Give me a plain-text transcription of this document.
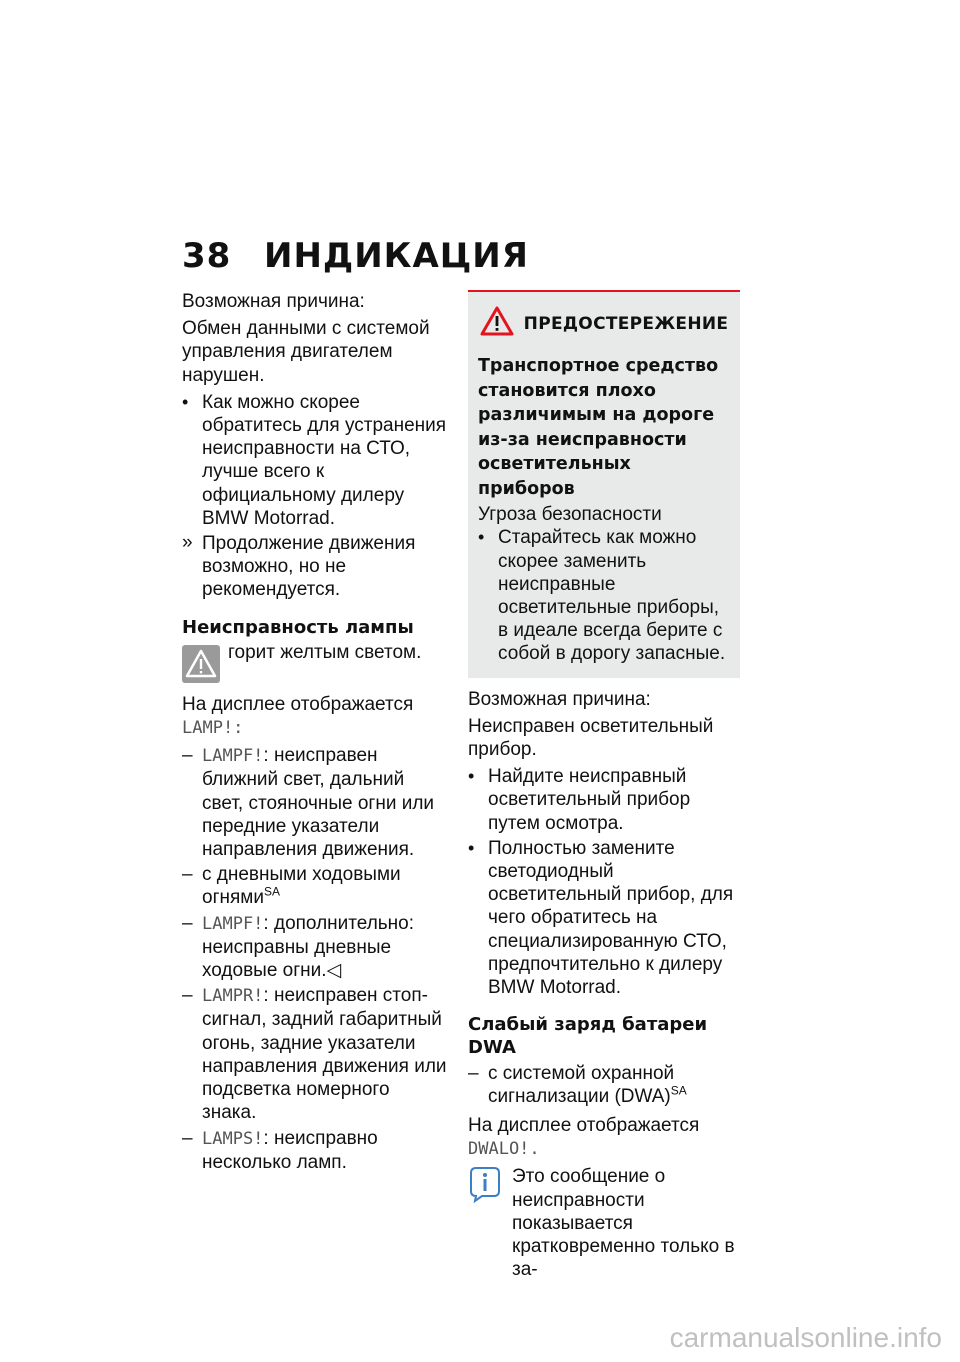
38 ИНДИКАЦИЯ

Возможная причина:

Обмен данными с системой управления двигателем нарушен.

• Как можно скорее обратитесь для устранения неисправности на СТО, лучше всего к официальному дилеру BMW Motorrad.
» Продолжение движения возможно, но не рекомендуется.
Неисправность лампы
горит желтым светом.

На дисплее отображается

LAMP!:

– LAMPF!: неисправен ближний свет, дальний свет, стояночные огни или передние указатели направления движения.
– с дневными ходовыми огнями$^{SA}$
– LAMPF!: дополнительно: неисправны дневные ходовые огни.◁
– LAMPR!: неисправен стоп-сигнал, задний габаритный огонь, задние указатели направления движения или подсветка номерного знака.
– LAMPS!: неисправно несколько ламп.
ПРЕДОСТЕРЕЖЕНИЕ
Транспортное средство становится плохо различимым на дороге из-за неисправности осветительных приборов

Угроза безопасности

• Старайтесь как можно скорее заменить неисправные осветительные приборы, в идеале всегда берите с собой в дорогу запасные.

Возможная причина:

Неисправен осветительный прибор.

• Найдите неисправный осветительный прибор путем осмотра.
• Полностью замените светодиодный осветительный прибор, для чего обратитесь на специализированную СТО, предпочтительно к дилеру BMW Motorrad.
Слабый заряд батареи DWA
– с системой охранной сигнализации (DWA)$^{SA}$

На дисплее отображается

DWALO!.

Это сообщение о неисправности показывается кратковременно только в за-
carmanualsonline.info
